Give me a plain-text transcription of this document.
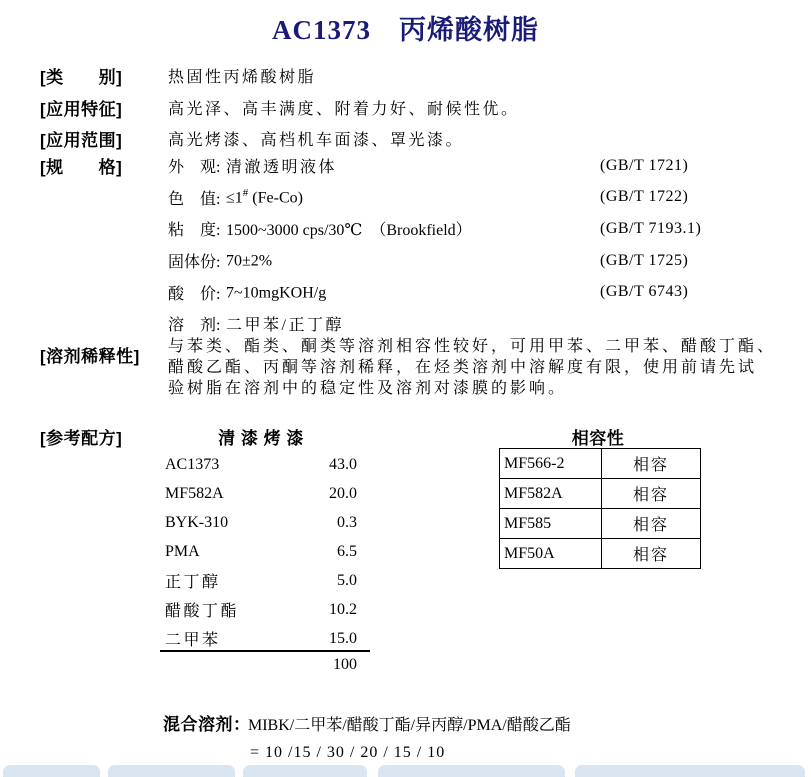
AC1373　丙烯酸树脂
[类　　别]	热固性丙烯酸树脂
[应用特征]	高光泽、高丰满度、附着力好、耐候性优。
[应用范围]	高光烤漆、高档机车面漆、罩光漆。
[规　　格]	外　观: 清澈透明液体	(GB/T 1721)
色　值: ≤1# (Fe-Co)	(GB/T 1722)
粘　度: 1500~3000 cps/30℃　（Brookfield）	(GB/T 7193.1)
固体份: 70±2%	(GB/T 1725)
酸　价: 7~10mgKOH/g	(GB/T 6743)
溶　剂: 二甲苯/正丁醇
[溶剂稀释性]
与苯类、酯类、酮类等溶剂相容性较好，可用甲苯、二甲苯、醋酸丁酯、
醋酸乙酯、丙酮等溶剂稀释，在烃类溶剂中溶解度有限，使用前请先试
验树脂在溶剂中的稳定性及溶剂对漆膜的影响。
[参考配方]	清 漆 烤 漆
AC1373	43.0
MF582A	20.0
BYK-310	0.3
PMA	6.5
正丁醇	5.0
醋酸丁酯	10.2
二甲苯	15.0
100
相容性
MF566-2	相容
MF582A	相容
MF585	相容
MF50A	相容
混合溶剂：
MIBK/二甲苯/醋酸丁酯/异丙醇/PMA/醋酸乙酯
= 10 /15 / 30 / 20 / 15 / 10
